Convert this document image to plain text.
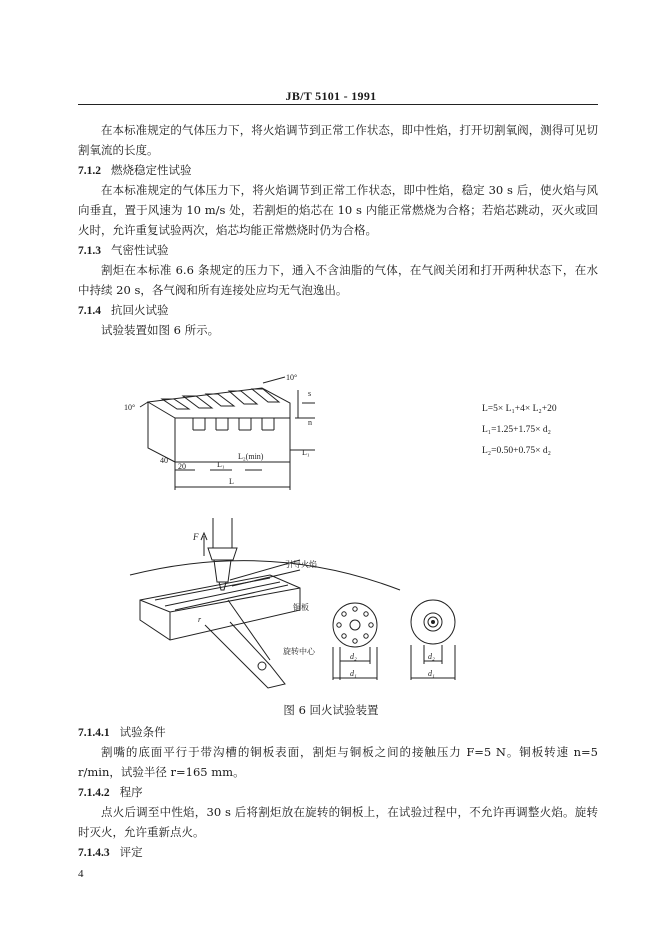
JB/T 5101 - 1991

在本标准规定的气体压力下，将火焰调节到正常工作状态，即中性焰，打开切割氧阀，测得可见切割氧流的长度。

7.1.2 燃烧稳定性试验

在本标准规定的气体压力下，将火焰调节到正常工作状态，即中性焰，稳定 30 s 后，使火焰与风向垂直，置于风速为 10 m/s 处，若割炬的焰芯在 10 s 内能正常燃烧为合格；若焰芯跳动，灭火或回火时，允许重复试验两次，焰芯均能正常燃烧时仍为合格。

7.1.3 气密性试验

割炬在本标准 6.6 条规定的压力下，通入不含油脂的气体，在气阀关闭和打开两种状态下，在水中持续 20 s，各气阀和所有连接处应均无气泡逸出。

7.1.4 抗回火试验

试验装置如图 6 所示。

10°
10°
40
20	L₁
L₂(min)	L₁
L
s
n
F
引导火焰
铜板
旋转中心
r
d₂
d₁
d₂
d₁
L=5× L₁+4× L₂+20
L₁=1.25+1.75× d₂
L₂=0.50+0.75× d₂
图 6 回火试验装置
7.1.4.1 试验条件

割嘴的底面平行于带沟槽的铜板表面，割炬与铜板之间的接触压力 F=5 N。铜板转速 n=5 r/min，试验半径 r=165 mm。

7.1.4.2 程序

点火后调至中性焰，30 s 后将割炬放在旋转的铜板上，在试验过程中，不允许再调整火焰。旋转时灭火，允许重新点火。

7.1.4.3 评定
4
